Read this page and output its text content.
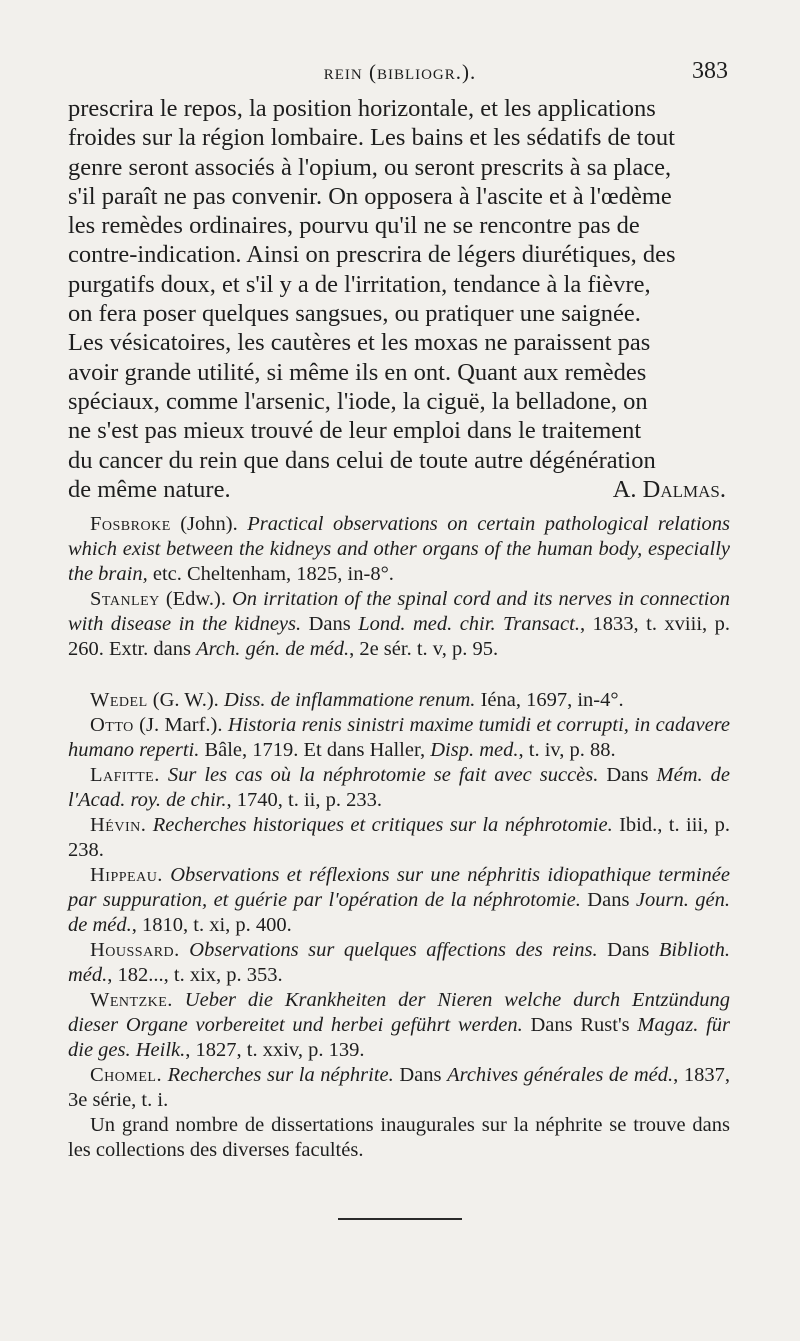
rein (bibliogr.).	383
prescrira le repos, la position horizontale, et les applications
froides sur la région lombaire. Les bains et les sédatifs de tout
genre seront associés à l'opium, ou seront prescrits à sa place,
s'il paraît ne pas convenir. On opposera à l'ascite et à l'œdème
les remèdes ordinaires, pourvu qu'il ne se rencontre pas de
contre-indication. Ainsi on prescrira de légers diurétiques, des
purgatifs doux, et s'il y a de l'irritation, tendance à la fièvre,
on fera poser quelques sangsues, ou pratiquer une saignée.
Les vésicatoires, les cautères et les moxas ne paraissent pas
avoir grande utilité, si même ils en ont. Quant aux remèdes
spéciaux, comme l'arsenic, l'iode, la ciguë, la belladone, on
ne s'est pas mieux trouvé de leur emploi dans le traitement
du cancer du rein que dans celui de toute autre dégénération
de même nature.	A. Dalmas.
Fosbroke (John). Practical observations on certain pathological relations which exist between the kidneys and other organs of the human body, especially the brain, etc. Cheltenham, 1825, in-8°.
Stanley (Edw.). On irritation of the spinal cord and its nerves in connection with disease in the kidneys. Dans Lond. med. chir. Transact., 1833, t. xviii, p. 260. Extr. dans Arch. gén. de méd., 2e sér. t. v, p. 95.
Wedel (G. W.). Diss. de inflammatione renum. Iéna, 1697, in-4°.
Otto (J. Marf.). Historia renis sinistri maxime tumidi et corrupti, in cadavere humano reperti. Bâle, 1719. Et dans Haller, Disp. med., t. iv, p. 88.
Lafitte. Sur les cas où la néphrotomie se fait avec succès. Dans Mém. de l'Acad. roy. de chir., 1740, t. ii, p. 233.
Hévin. Recherches historiques et critiques sur la néphrotomie. Ibid., t. iii, p. 238.
Hippeau. Observations et réflexions sur une néphritis idiopathique terminée par suppuration, et guérie par l'opération de la néphrotomie. Dans Journ. gén. de méd., 1810, t. xi, p. 400.
Houssard. Observations sur quelques affections des reins. Dans Biblioth. méd., 182..., t. xix, p. 353.
Wentzke. Ueber die Krankheiten der Nieren welche durch Entzündung dieser Organe vorbereitet und herbei geführt werden. Dans Rust's Magaz. für die ges. Heilk., 1827, t. xxiv, p. 139.
Chomel. Recherches sur la néphrite. Dans Archives générales de méd., 1837, 3e série, t. i.
Un grand nombre de dissertations inaugurales sur la néphrite se trouve dans les collections des diverses facultés.
